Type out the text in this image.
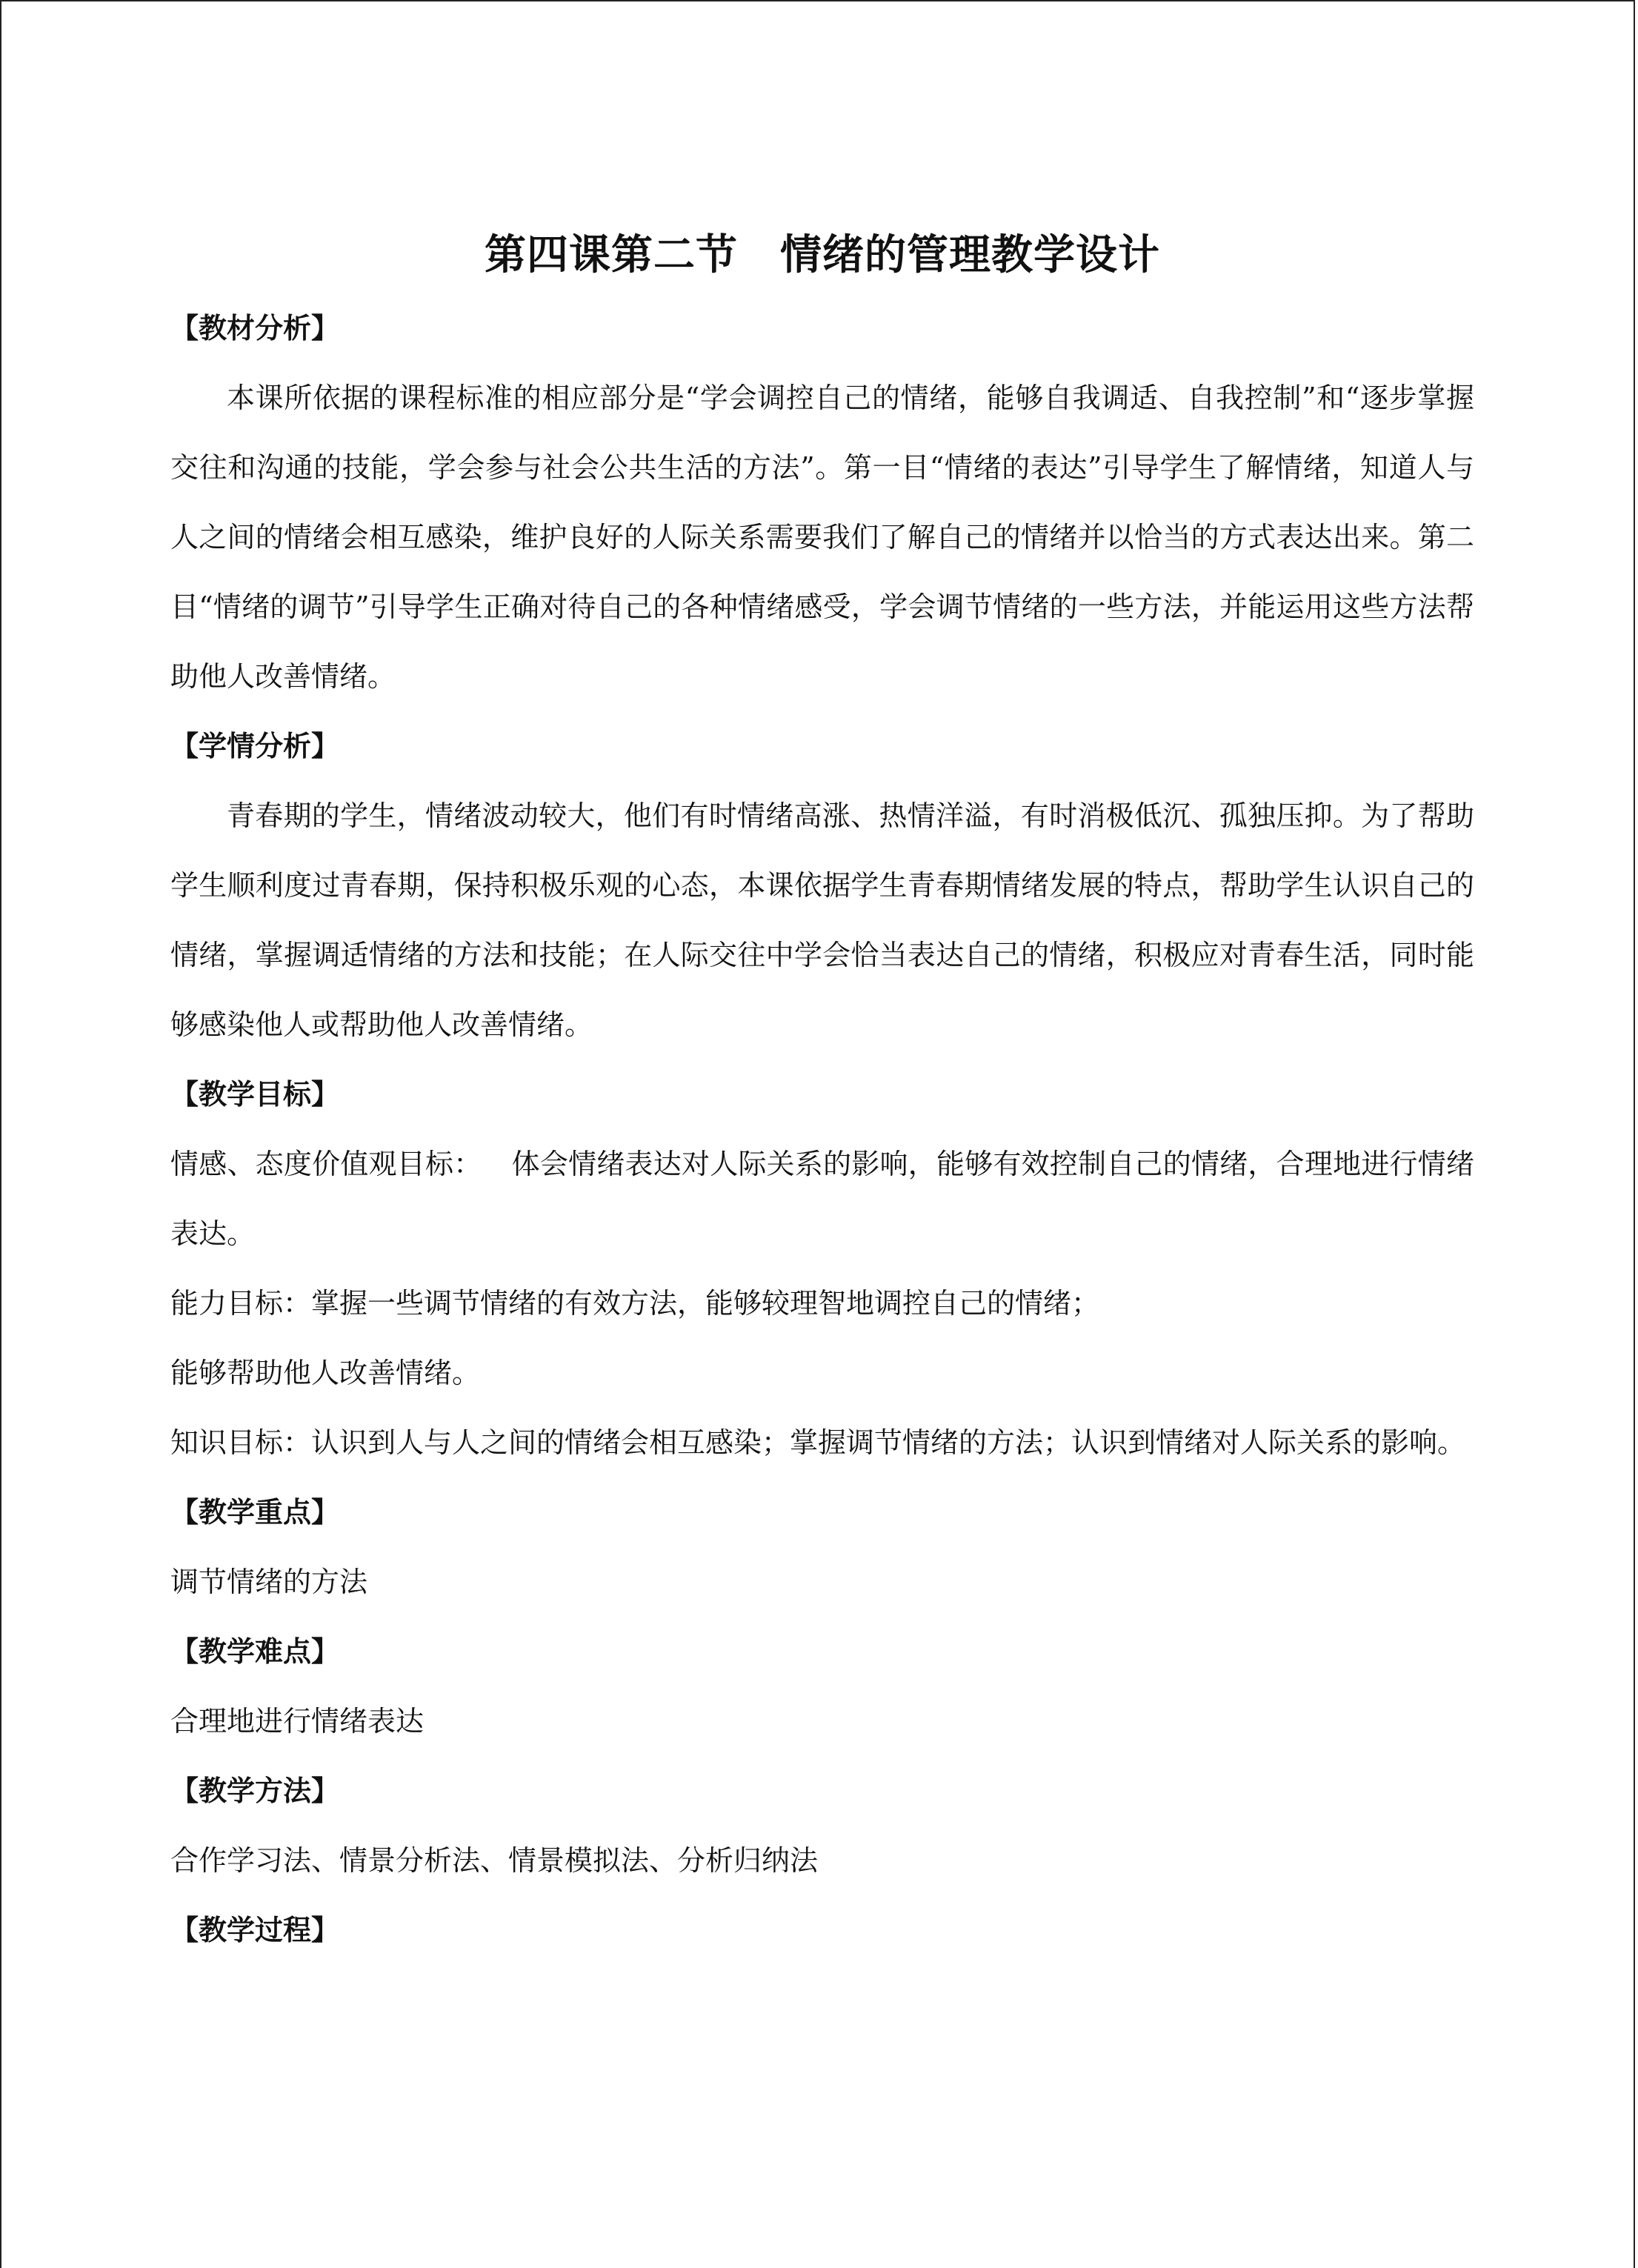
第四课第二节　情绪的管理教学设计

【教材分析】

本课所依据的课程标准的相应部分是“学会调控自己的情绪，能够自我调适、自我控制”和“逐步掌握交往和沟通的技能，学会参与社会公共生活的方法”。第一目“情绪的表达”引导学生了解情绪，知道人与人之间的情绪会相互感染，维护良好的人际关系需要我们了解自己的情绪并以恰当的方式表达出来。第二目“情绪的调节”引导学生正确对待自己的各种情绪感受，学会调节情绪的一些方法，并能运用这些方法帮助他人改善情绪。

【学情分析】

青春期的学生，情绪波动较大，他们有时情绪高涨、热情洋溢，有时消极低沉、孤独压抑。为了帮助学生顺利度过青春期，保持积极乐观的心态，本课依据学生青春期情绪发展的特点，帮助学生认识自己的情绪，掌握调适情绪的方法和技能；在人际交往中学会恰当表达自己的情绪，积极应对青春生活，同时能够感染他人或帮助他人改善情绪。

【教学目标】

情感、态度价值观目标： 体会情绪表达对人际关系的影响，能够有效控制自己的情绪，合理地进行情绪表达。

能力目标：掌握一些调节情绪的有效方法，能够较理智地调控自己的情绪；

能够帮助他人改善情绪。

知识目标：认识到人与人之间的情绪会相互感染；掌握调节情绪的方法；认识到情绪对人际关系的影响。

【教学重点】

调节情绪的方法

【教学难点】

合理地进行情绪表达

【教学方法】

合作学习法、情景分析法、情景模拟法、分析归纳法

【教学过程】
